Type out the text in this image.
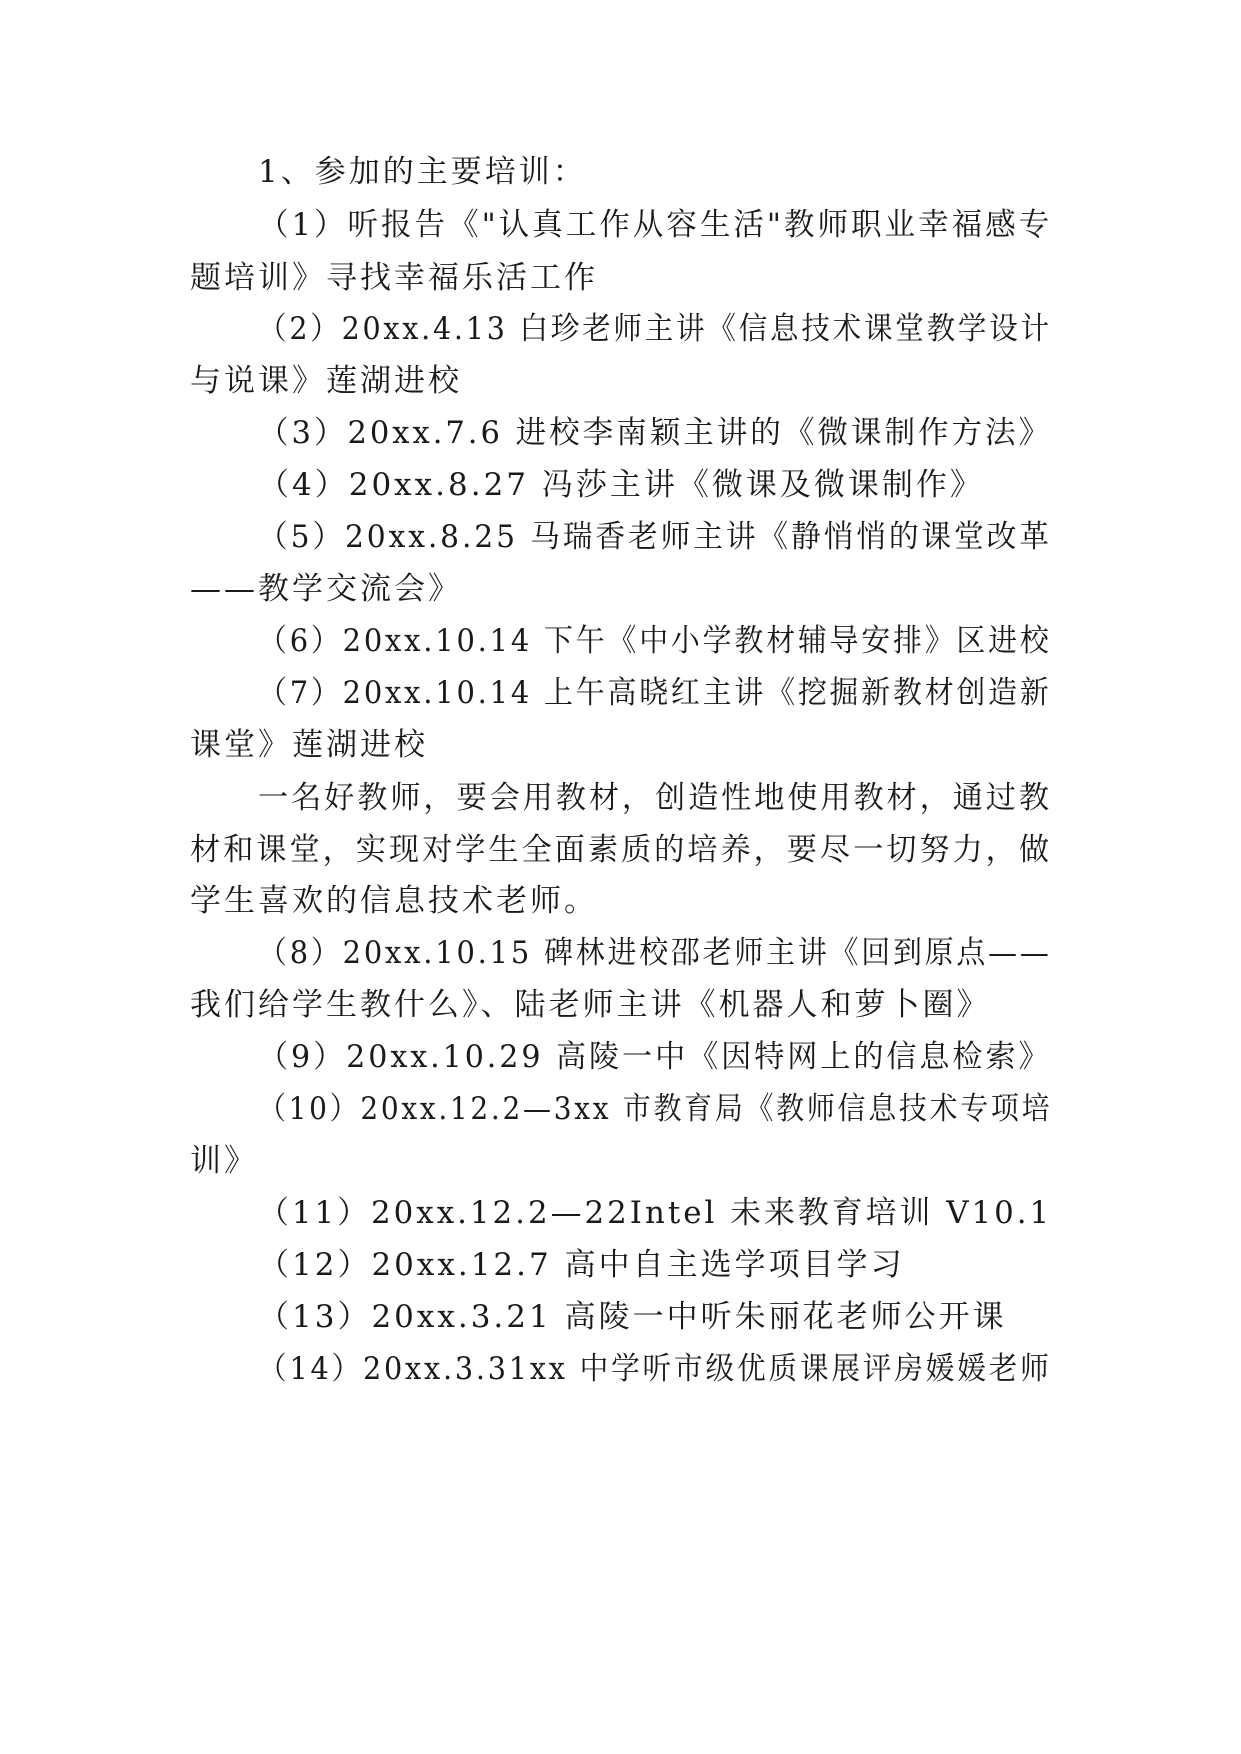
1、参加的主要培训：
（1）听报告《"认真工作从容生活"教师职业幸福感专
题培训》寻找幸福乐活工作
（2）20xx.4.13 白珍老师主讲《信息技术课堂教学设计
与说课》莲湖进校
（3）20xx.7.6 进校李南颖主讲的《微课制作方法》
（4）20xx.8.27 冯莎主讲《微课及微课制作》
（5）20xx.8.25 马瑞香老师主讲《静悄悄的课堂改革
——教学交流会》
（6）20xx.10.14 下午《中小学教材辅导安排》区进校
（7）20xx.10.14 上午高晓红主讲《挖掘新教材创造新
课堂》莲湖进校
一名好教师，要会用教材，创造性地使用教材，通过教
材和课堂，实现对学生全面素质的培养，要尽一切努力，做
学生喜欢的信息技术老师。
（8）20xx.10.15 碑林进校邵老师主讲《回到原点——
我们给学生教什么》、陆老师主讲《机器人和萝卜圈》
（9）20xx.10.29 高陵一中《因特网上的信息检索》
（10）20xx.12.2—3xx 市教育局《教师信息技术专项培
训》
（11）20xx.12.2—22Intel 未来教育培训 V10.1
（12）20xx.12.7 高中自主选学项目学习
（13）20xx.3.21 高陵一中听朱丽花老师公开课
（14）20xx.3.31xx 中学听市级优质课展评房媛媛老师
